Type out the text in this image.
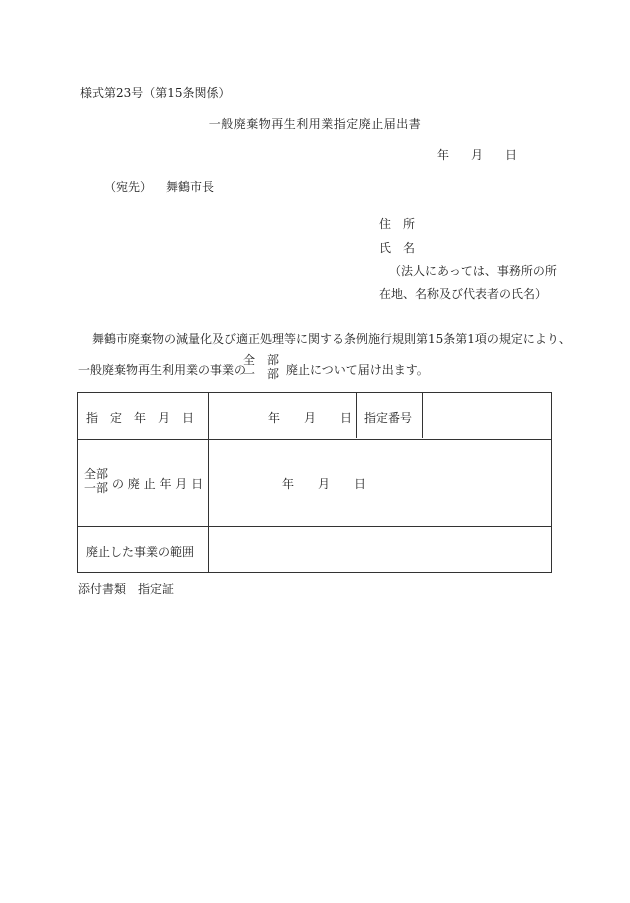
様式第23号（第15条関係）
一般廃棄物再生利用業指定廃止届出書
年 月 日
（宛先） 舞鶴市長
住　所
氏　名
（法人にあっては、事務所の所
在地、名称及び代表者の氏名）
舞鶴市廃棄物の減量化及び適正処理等に関する条例施行規則第15条第1項の規定により、
一般廃棄物再生利用業の事業の
全　部
一　部 廃止について届け出ます。
指　定　年　月　日	年　　月　　日 指定番号
全部
一部 の 廃 止 年 月 日	年　　月　　日
廃止した事業の範囲
添付書類　指定証
